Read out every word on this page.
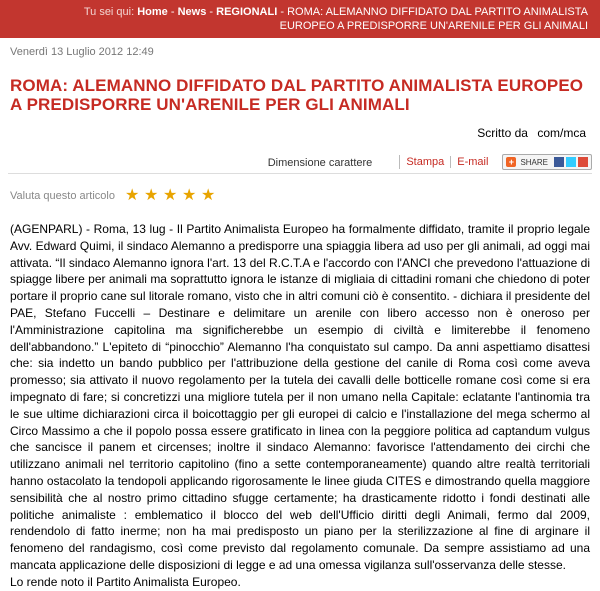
Tu sei qui: Home - News - REGIONALI - ROMA: ALEMANNO DIFFIDATO DAL PARTITO ANIMALISTA EUROPEO A PREDISPORRE UN'ARENILE PER GLI ANIMALI
Venerdì 13 Luglio 2012 12:49
ROMA: ALEMANNO DIFFIDATO DAL PARTITO ANIMALISTA EUROPEO
A PREDISPORRE UN'ARENILE PER GLI ANIMALI
Scritto da com/mca
Dimensione carattere	Stampa	E-mail	+ SHARE
Valuta questo articolo ★ ★ ★ ★ ★
(AGENPARL) - Roma, 13 lug - Il Partito Animalista Europeo ha formalmente diffidato, tramite il proprio legale Avv. Edward Quimi, il sindaco Alemanno a predisporre una spiaggia libera ad uso per gli animali, ad oggi mai attivata. “Il sindaco Alemanno ignora l'art. 13 del R.C.T.A e l'accordo con l'ANCI che prevedono l'attuazione di spiagge libere per animali ma soprattutto ignora le istanze di migliaia di cittadini romani che chiedono di poter portare il proprio cane sul litorale romano, visto che in altri comuni ciò è consentito. - dichiara il presidente del PAE, Stefano Fuccelli – Destinare e delimitare un arenile con libero accesso non è oneroso per l'Amministrazione capitolina ma significherebbe un esempio di civiltà e limiterebbe il fenomeno dell'abbandono.” L'epiteto di “pinocchio” Alemanno l'ha conquistato sul campo. Da anni aspettiamo disattesi che: sia indetto un bando pubblico per l'attribuzione della gestione del canile di Roma così come aveva promesso; sia attivato il nuovo regolamento per la tutela dei cavalli delle botticelle romane così come si era impegnato di fare; si concretizzi una migliore tutela per il non umano nella Capitale: eclatante l'antinomia tra le sue ultime dichiarazioni circa il boicottaggio per gli europei di calcio e l'installazione del mega schermo al Circo Massimo a che il popolo possa essere gratificato in linea con la peggiore politica ad captandum vulgus che sancisce il panem et circenses; inoltre il sindaco Alemanno: favorisce l'attendamento dei circhi che utilizzano animali nel territorio capitolino (fino a sette contemporaneamente) quando altre realtà territoriali hanno ostacolato la tendopoli applicando rigorosamente le linee giuda CITES e dimostrando quella maggiore sensibilità che al nostro primo cittadino sfugge certamente; ha drasticamente ridotto i fondi destinati alle politiche animaliste : emblematico il blocco del web dell'Ufficio diritti degli Animali, fermo dal 2009, rendendolo di fatto inerme; non ha mai predisposto un piano per la sterilizzazione al fine di arginare il fenomeno del randagismo, così come previsto dal regolamento comunale. Da sempre assistiamo ad una mancata applicazione delle disposizioni di legge e ad una omessa vigilanza sull'osservanza delle stesse.
Lo rende noto il Partito Animalista Europeo.
